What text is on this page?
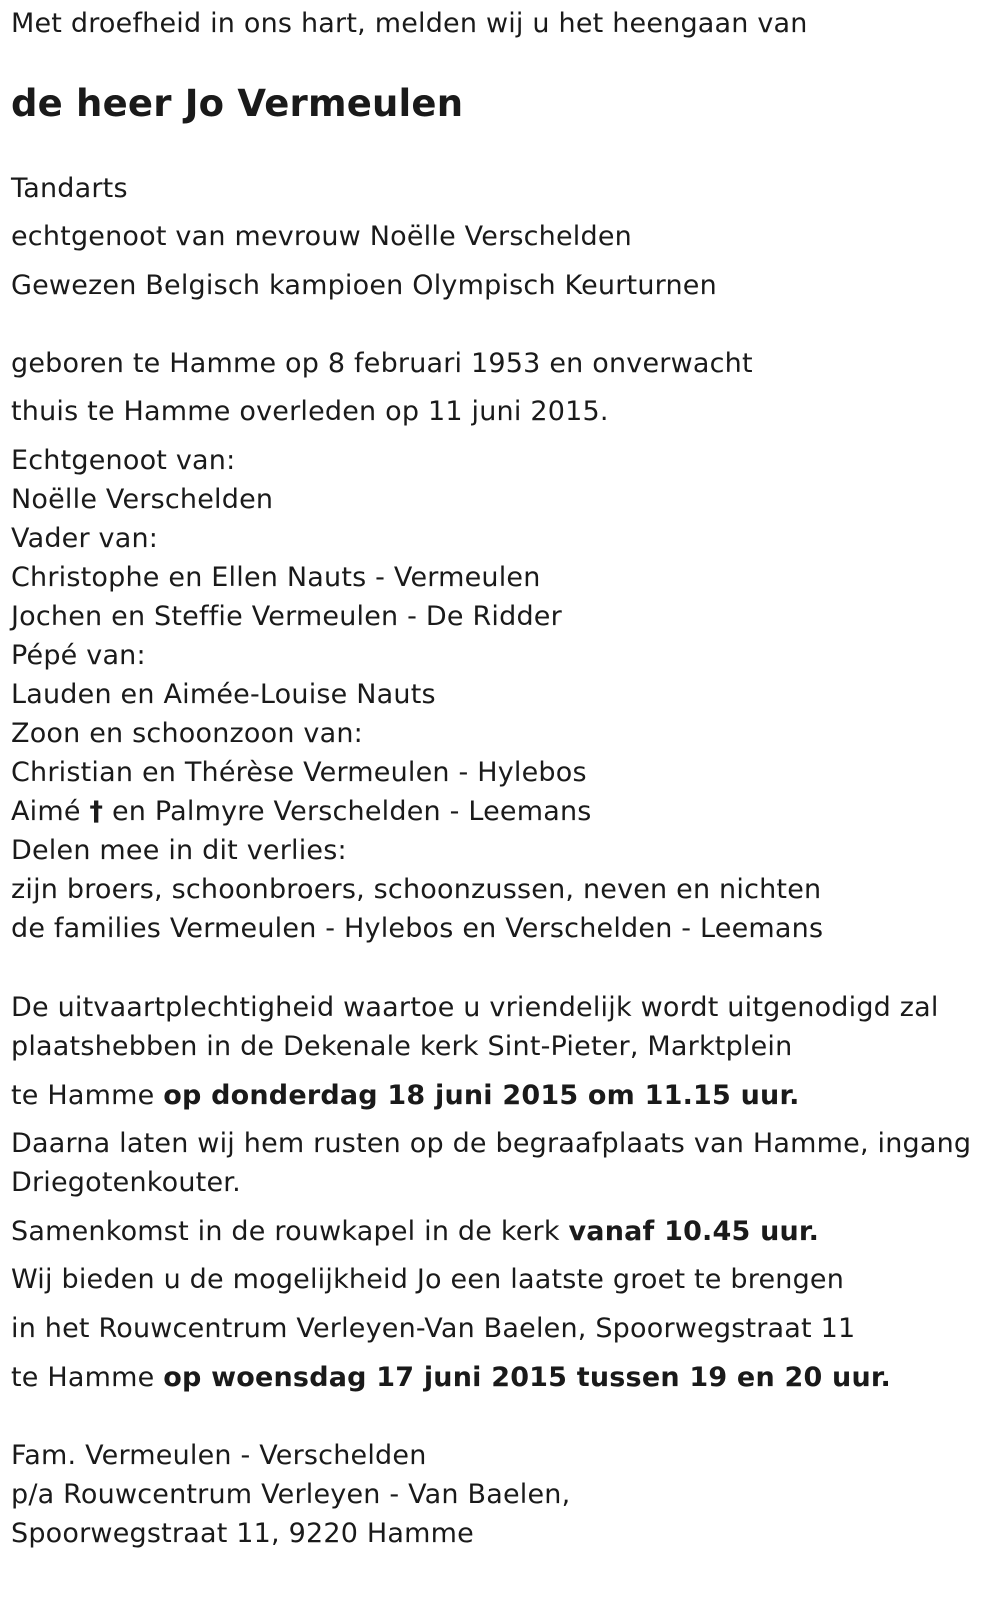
Met droefheid in ons hart, melden wij u het heengaan van
de heer Jo Vermeulen
Tandarts
echtgenoot van mevrouw Noëlle Verschelden
Gewezen Belgisch kampioen Olympisch Keurturnen
geboren te Hamme op 8 februari 1953 en onverwacht
thuis te Hamme overleden op 11 juni 2015.
Echtgenoot van:
Noëlle Verschelden
Vader van:
Christophe en Ellen Nauts - Vermeulen
Jochen en Steffie Vermeulen - De Ridder
Pépé van:
Lauden en Aimée-Louise Nauts
Zoon en schoonzoon van:
Christian en Thérèse Vermeulen - Hylebos
Aimé † en Palmyre Verschelden - Leemans
Delen mee in dit verlies:
zijn broers, schoonbroers, schoonzussen, neven en nichten
de families Vermeulen - Hylebos en Verschelden - Leemans
De uitvaartplechtigheid waartoe u vriendelijk wordt uitgenodigd zal
plaatshebben in de Dekenale kerk Sint-Pieter, Marktplein
te Hamme op donderdag 18 juni 2015 om 11.15 uur.
Daarna laten wij hem rusten op de begraafplaats van Hamme, ingang
Driegotenkouter.
Samenkomst in de rouwkapel in de kerk vanaf 10.45 uur.
Wij bieden u de mogelijkheid Jo een laatste groet te brengen
in het Rouwcentrum Verleyen-Van Baelen, Spoorwegstraat 11
te Hamme op woensdag 17 juni 2015 tussen 19 en 20 uur.
Fam. Vermeulen - Verschelden
p/a Rouwcentrum Verleyen - Van Baelen,
Spoorwegstraat 11, 9220 Hamme
